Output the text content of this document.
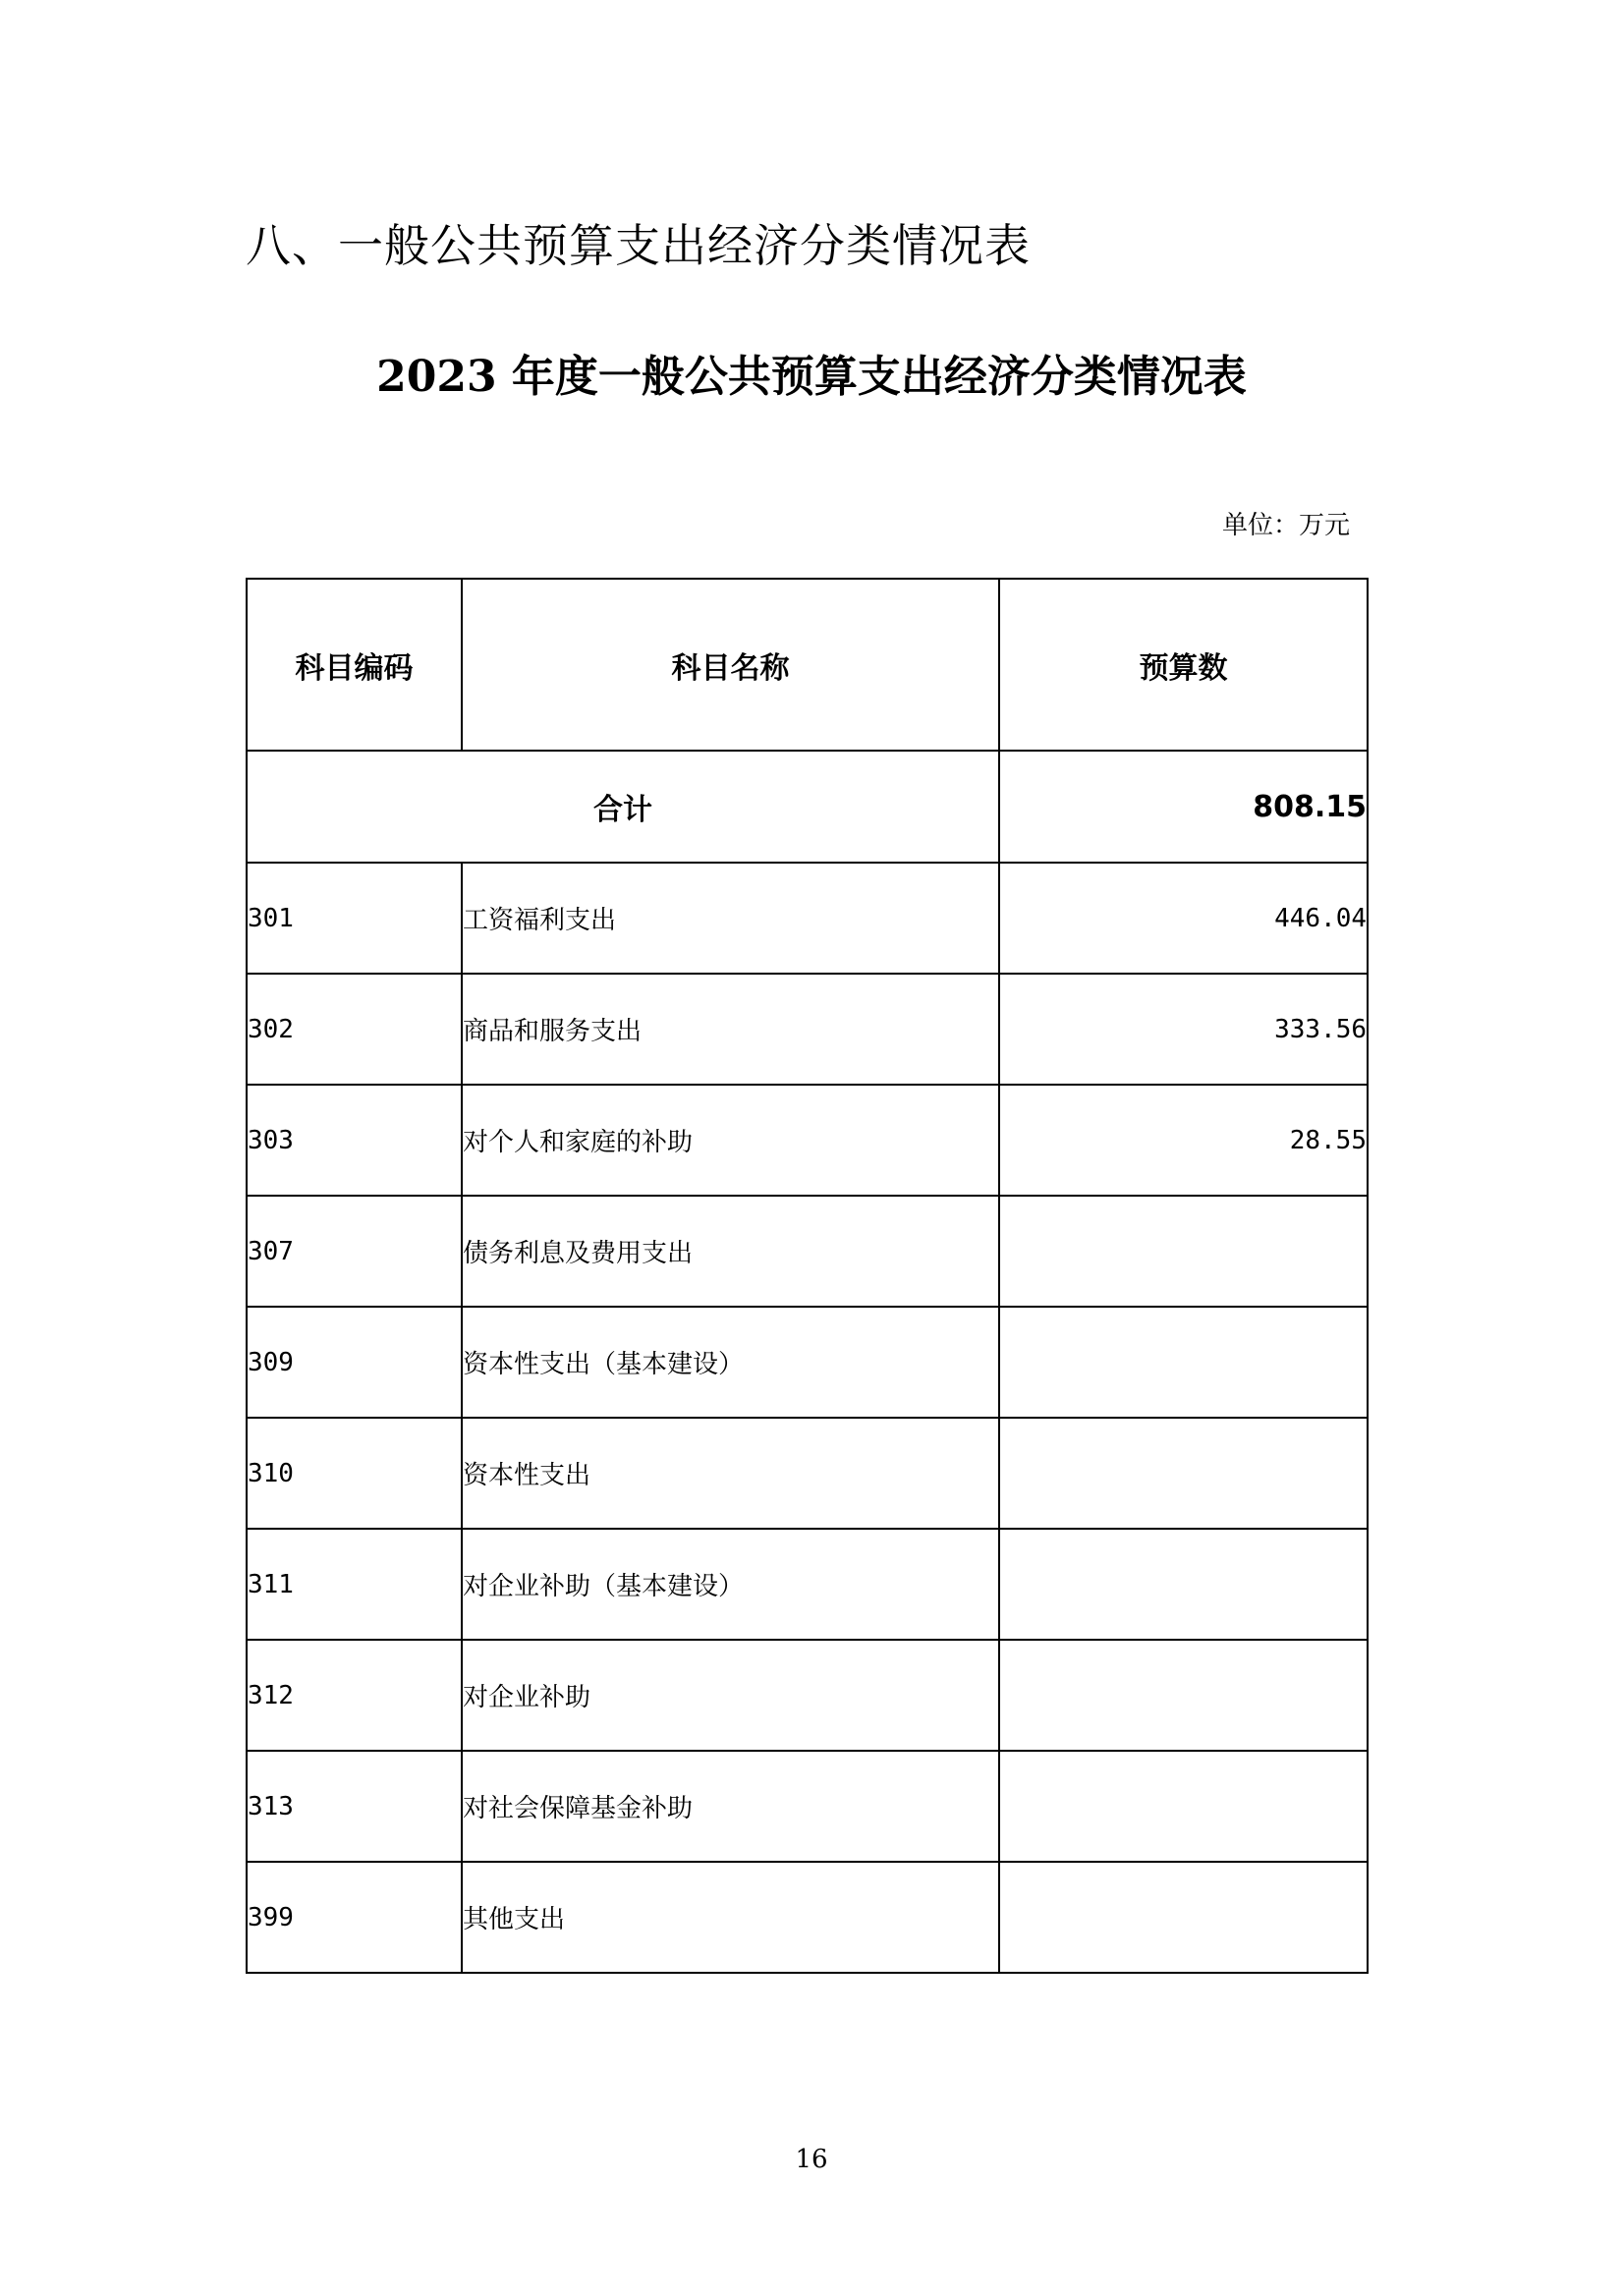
八、一般公共预算支出经济分类情况表
2023 年度一般公共预算支出经济分类情况表
单位：万元
科目编码	科目名称	预算数
合计		808.15
301	工资福利支出	446.04
302	商品和服务支出	333.56
303	对个人和家庭的补助	28.55
307	债务利息及费用支出	
309	资本性支出（基本建设）	
310	资本性支出	
311	对企业补助（基本建设）	
312	对企业补助	
313	对社会保障基金补助	
399	其他支出	
16
